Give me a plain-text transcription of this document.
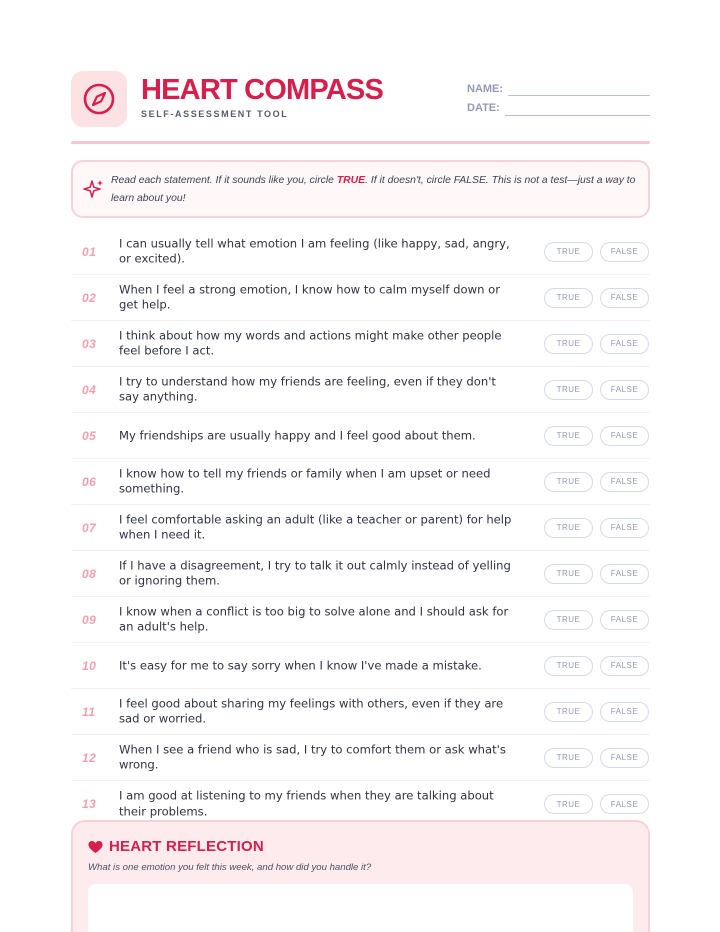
HEART COMPASS
SELF-ASSESSMENT TOOL
NAME:
DATE:
Read each statement. If it sounds like you, circle TRUE. If it doesn't, circle FALSE. This is not a test—just a way to learn about you!
01
I can usually tell what emotion I am feeling (like happy, sad, angry, or excited).	TRUE	FALSE
02
When I feel a strong emotion, I know how to calm myself down or get help.	TRUE	FALSE
03
I think about how my words and actions might make other people feel before I act.	TRUE	FALSE
04
I try to understand how my friends are feeling, even if they don't say anything.	TRUE	FALSE
05 My friendships are usually happy and I feel good about them.	TRUE	FALSE
06
I know how to tell my friends or family when I am upset or need something.	TRUE	FALSE
07
I feel comfortable asking an adult (like a teacher or parent) for help when I need it.	TRUE	FALSE
08
If I have a disagreement, I try to talk it out calmly instead of yelling or ignoring them.	TRUE	FALSE
09
I know when a conflict is too big to solve alone and I should ask for an adult's help.	TRUE	FALSE
10 It's easy for me to say sorry when I know I've made a mistake.	TRUE	FALSE
11
I feel good about sharing my feelings with others, even if they are sad or worried.	TRUE	FALSE
12
When I see a friend who is sad, I try to comfort them or ask what's wrong.	TRUE	FALSE
13
I am good at listening to my friends when they are talking about their problems.	TRUE	FALSE
HEART REFLECTION
What is one emotion you felt this week, and how did you handle it?
